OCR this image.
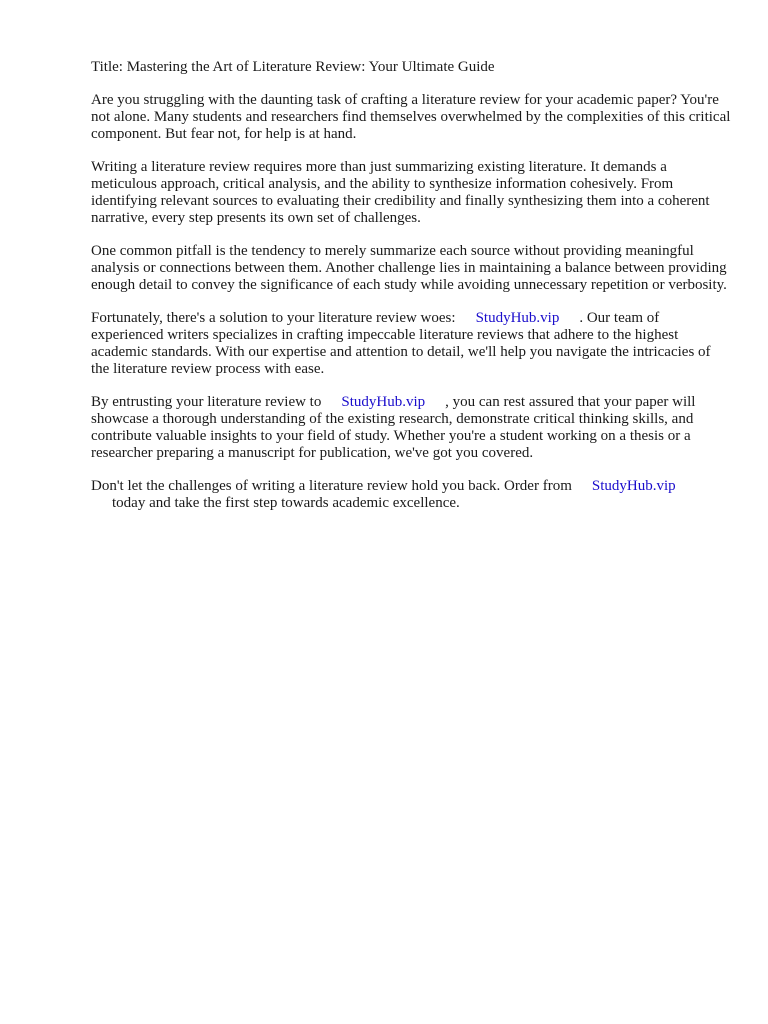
Title: Mastering the Art of Literature Review: Your Ultimate Guide

Are you struggling with the daunting task of crafting a literature review for your academic paper? You're not alone. Many students and researchers find themselves overwhelmed by the complexities of this critical component. But fear not, for help is at hand.

Writing a literature review requires more than just summarizing existing literature. It demands a meticulous approach, critical analysis, and the ability to synthesize information cohesively. From identifying relevant sources to evaluating their credibility and finally synthesizing them into a coherent narrative, every step presents its own set of challenges.

One common pitfall is the tendency to merely summarize each source without providing meaningful analysis or connections between them. Another challenge lies in maintaining a balance between providing enough detail to convey the significance of each study while avoiding unnecessary repetition or verbosity.

Fortunately, there's a solution to your literature review woes: StudyHub.vip . Our team of experienced writers specializes in crafting impeccable literature reviews that adhere to the highest academic standards. With our expertise and attention to detail, we'll help you navigate the intricacies of the literature review process with ease.

By entrusting your literature review to StudyHub.vip , you can rest assured that your paper will showcase a thorough understanding of the existing research, demonstrate critical thinking skills, and contribute valuable insights to your field of study. Whether you're a student working on a thesis or a researcher preparing a manuscript for publication, we've got you covered.

Don't let the challenges of writing a literature review hold you back. Order from StudyHub.vip
today and take the first step towards academic excellence.
